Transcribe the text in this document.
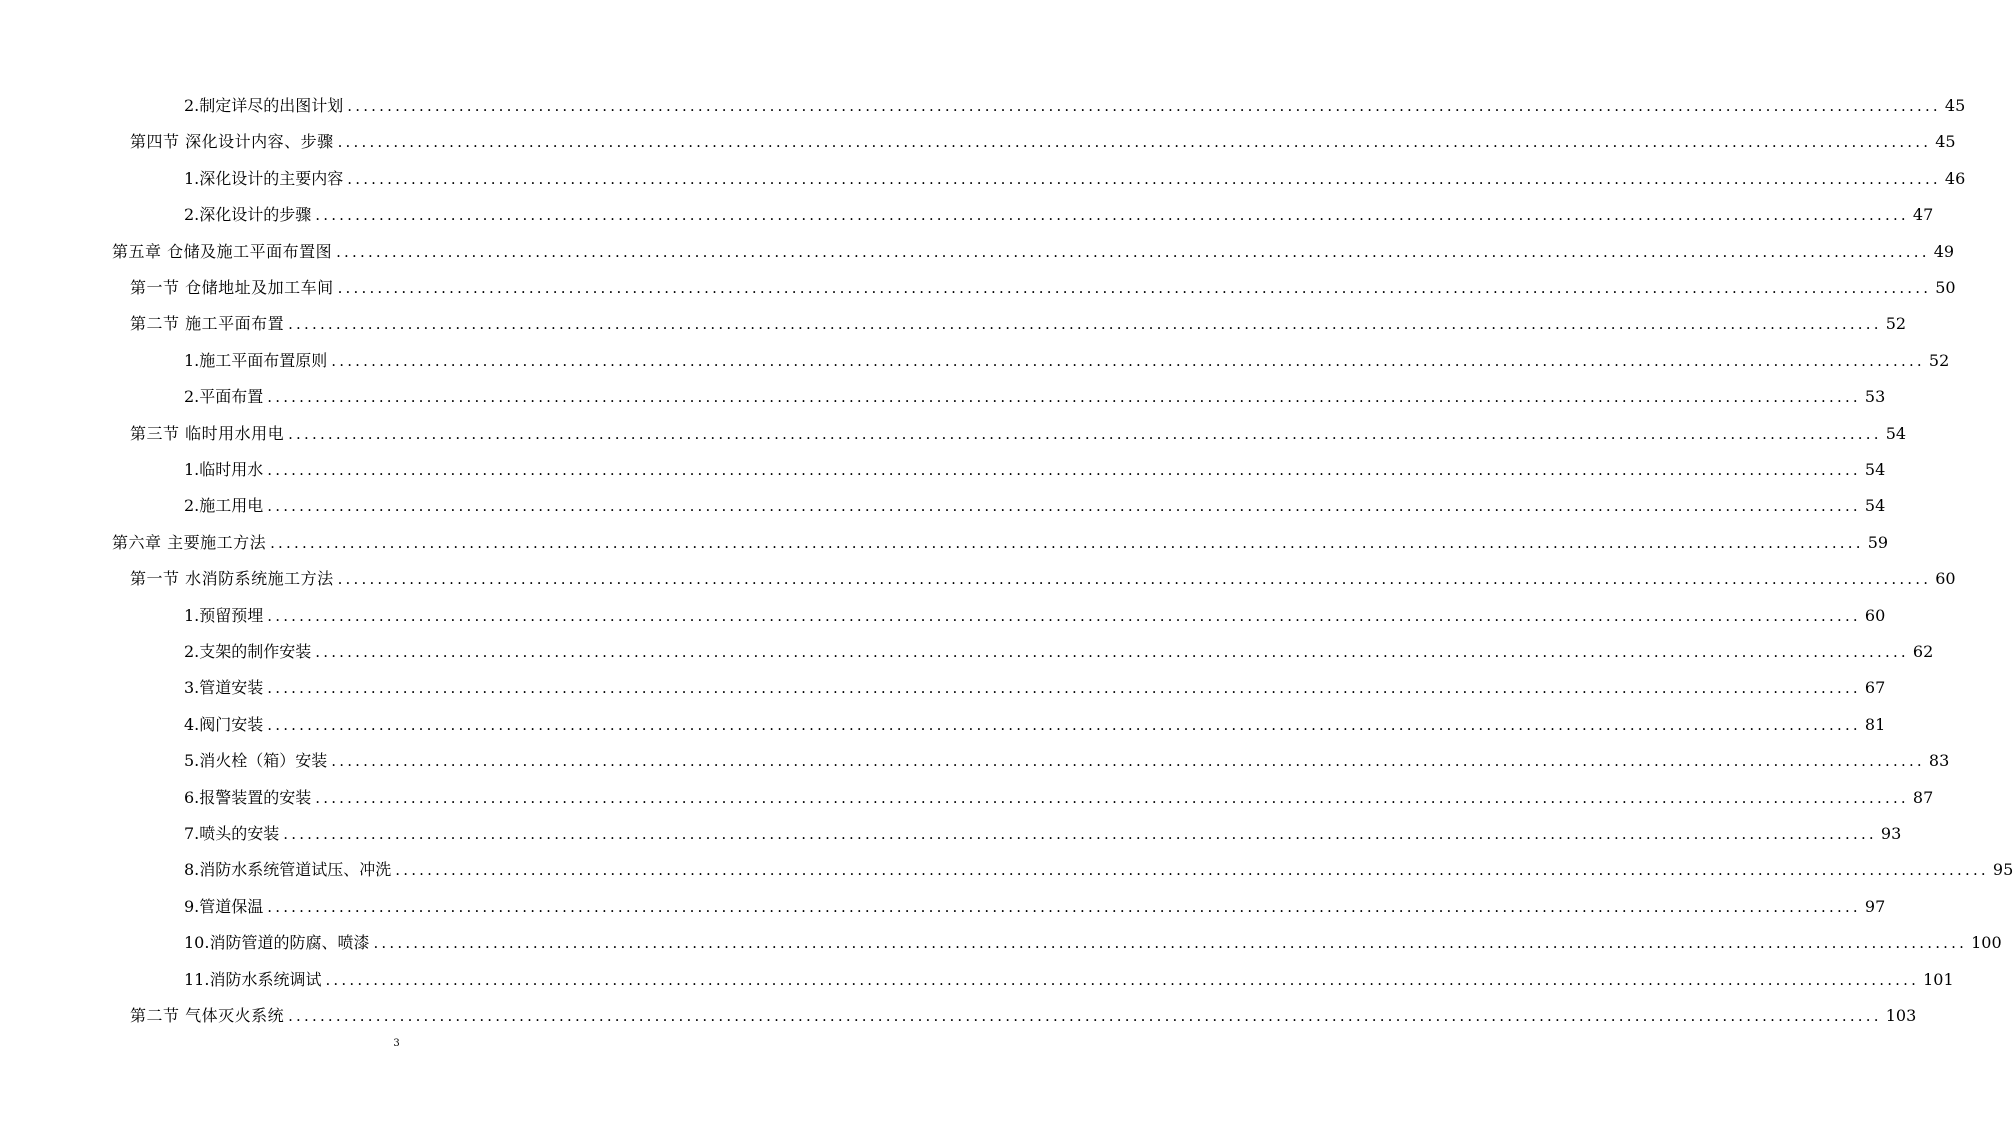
2. 制定详尽的出图计划 ........................................................................................................................................................................................................ 45
第四节 深化设计内容、步骤 ........................................................................................................................................................................................................ 45
1. 深化设计的主要内容 ........................................................................................................................................................................................................ 46
2. 深化设计的步骤 ........................................................................................................................................................................................................ 47
第五章 仓储及施工平面布置图 ........................................................................................................................................................................................................ 49
第一节 仓储地址及加工车间 ........................................................................................................................................................................................................ 50
第二节 施工平面布置 ........................................................................................................................................................................................................ 52
1. 施工平面布置原则 ........................................................................................................................................................................................................ 52
2. 平面布置 ........................................................................................................................................................................................................ 53
第三节 临时用水用电 ........................................................................................................................................................................................................ 54
1. 临时用水 ........................................................................................................................................................................................................ 54
2. 施工用电 ........................................................................................................................................................................................................ 54
第六章 主要施工方法 ........................................................................................................................................................................................................ 59
第一节 水消防系统施工方法 ........................................................................................................................................................................................................ 60
1. 预留预埋 ........................................................................................................................................................................................................ 60
2. 支架的制作安装 ........................................................................................................................................................................................................ 62
3. 管道安装 ........................................................................................................................................................................................................ 67
4. 阀门安装 ........................................................................................................................................................................................................ 81
5. 消火栓（箱）安装 ........................................................................................................................................................................................................ 83
6. 报警装置的安装 ........................................................................................................................................................................................................ 87
7. 喷头的安装 ........................................................................................................................................................................................................ 93
8. 消防水系统管道试压、冲洗 ........................................................................................................................................................................................................ 95
9. 管道保温 ........................................................................................................................................................................................................ 97
10. 消防管道的防腐、喷漆 ........................................................................................................................................................................................................ 100
11. 消防水系统调试 ........................................................................................................................................................................................................ 101
第二节 气体灭火系统 ........................................................................................................................................................................................................ 103
3
